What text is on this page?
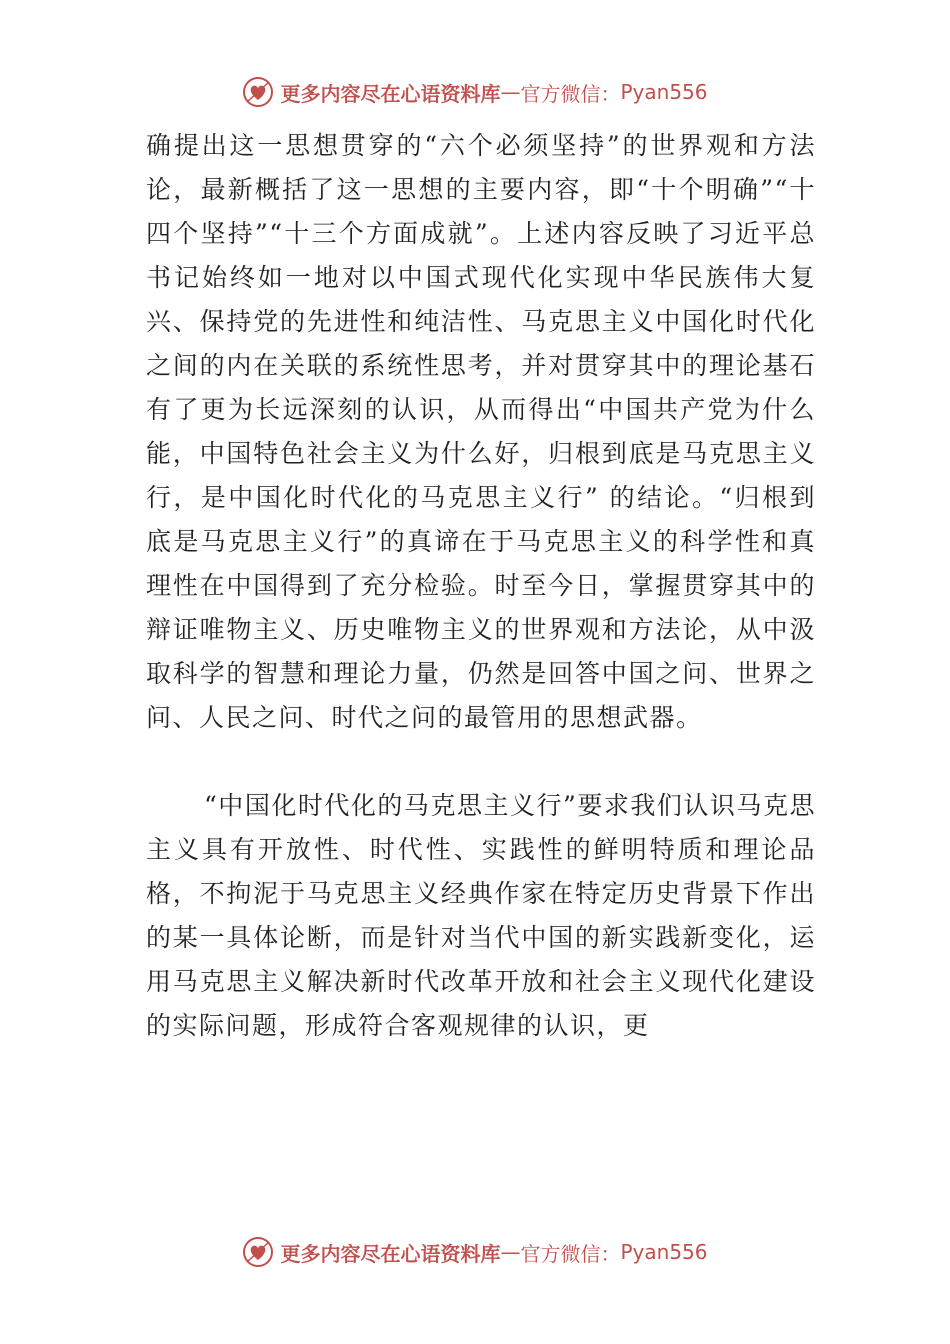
更多内容尽在心语资料库 — 官方微信： Pyan556

确提出这一思想贯穿的“六个必须坚持”的世界观和方法论，最新概括了这一思想的主要内容，即“十个明确”“十四个坚持”“十三个方面成就”。上述内容反映了习近平总书记始终如一地对以中国式现代化实现中华民族伟大复兴、保持党的先进性和纯洁性、马克思主义中国化时代化之间的内在关联的系统性思考，并对贯穿其中的理论基石有了更为长远深刻的认识，从而得出“中国共产党为什么能，中国特色社会主义为什么好，归根到底是马克思主义行，是中国化时代化的马克思主义行” 的结论。“归根到底是马克思主义行”的真谛在于马克思主义的科学性和真理性在中国得到了充分检验。时至今日，掌握贯穿其中的辩证唯物主义、历史唯物主义的世界观和方法论，从中汲取科学的智慧和理论力量，仍然是回答中国之问、世界之问、人民之问、时代之问的最管用的思想武器。

“中国化时代化的马克思主义行”要求我们认识马克思主义具有开放性、时代性、实践性的鲜明特质和理论品格，不拘泥于马克思主义经典作家在特定历史背景下作出的某一具体论断，而是针对当代中国的新实践新变化，运用马克思主义解决新时代改革开放和社会主义现代化建设的实际问题，形成符合客观规律的认识，更

更多内容尽在心语资料库 — 官方微信： Pyan556
